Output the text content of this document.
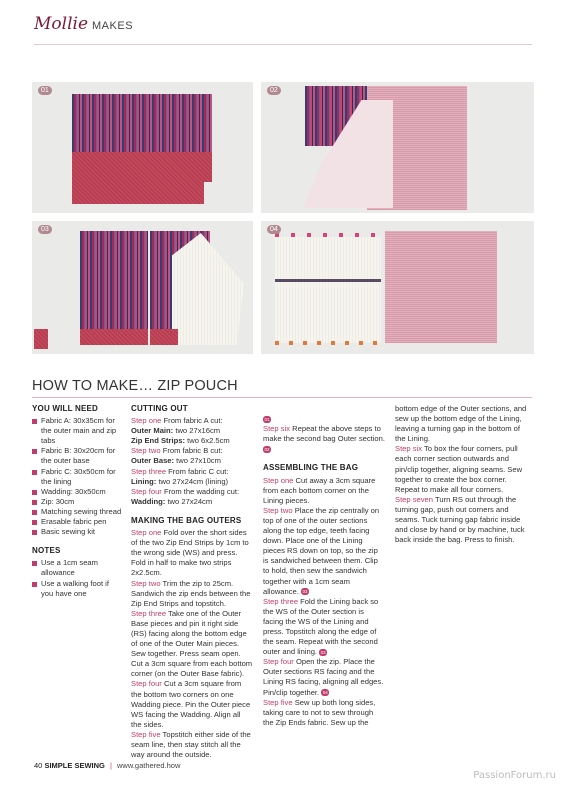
Mollie MAKES
01	02
03	04
HOW TO MAKE… ZIP POUCH
YOU WILL NEED
Fabric A: 30x35cm for the outer main and zip tabs
Fabric B: 30x20cm for the outer base
Fabric C: 30x50cm for the lining
Wadding: 30x50cm
Zip: 30cm
Matching sewing thread
Erasable fabric pen
Basic sewing kit
NOTES
Use a 1cm seam allowance
Use a walking foot if you have one
CUTTING OUT

Step one From fabric A cut:

Outer Main: two 27x16cm

Zip End Strips: two 6x2.5cm

Step two From fabric B cut:

Outer Base: two 27x10cm

Step three From fabric C cut:

Lining: two 27x24cm (lining)

Step four From the wadding cut:

Wadding: two 27x24cm

MAKING THE BAG OUTERS

Step one Fold over the short sides of the two Zip End Strips by 1cm to the wrong side (WS) and press. Fold in half to make two strips 2x2.5cm.

Step two Trim the zip to 25cm. Sandwich the zip ends between the Zip End Strips and topstitch.

Step three Take one of the Outer Base pieces and pin it right side (RS) facing along the bottom edge of one of the Outer Main pieces. Sew together. Press seam open. Cut a 3cm square from each bottom corner (on the Outer Base fabric).

Step four Cut a 3cm square from the bottom two corners on one Wadding piece. Pin the Outer piece WS facing the Wadding. Align all the sides.

Step five Topstitch either side of the seam line, then stay stitch all the way around the outside.

01

Step six Repeat the above steps to make the second bag Outer section. 02

ASSEMBLING THE BAG

Step one Cut away a 3cm square from each bottom corner on the Lining pieces.

Step two Place the zip centrally on top of one of the outer sections along the top edge, teeth facing down. Place one of the Lining pieces RS down on top, so the zip is sandwiched between them. Clip to hold, then sew the sandwich together with a 1cm seam allowance. 03

Step three Fold the Lining back so the WS of the Outer section is facing the WS of the Lining and press. Topstitch along the edge of the seam. Repeat with the second outer and lining. 03

Step four Open the zip. Place the Outer sections RS facing and the Lining RS facing, aligning all edges. Pin/clip together. 04

Step five Sew up both long sides, taking care to not to sew through the Zip Ends fabric. Sew up the

bottom edge of the Outer sections, and sew up the bottom edge of the Lining, leaving a turning gap in the bottom of the Lining.

Step six To box the four corners, pull each corner section outwards and pin/clip together, aligning seams. Sew together to create the box corner. Repeat to make all four corners.

Step seven Turn RS out through the turning gap, push out corners and seams. Tuck turning gap fabric inside and close by hand or by machine, tuck back inside the bag. Press to finish.

40 SIMPLE SEWING | www.gathered.how
PassionForum.ru
